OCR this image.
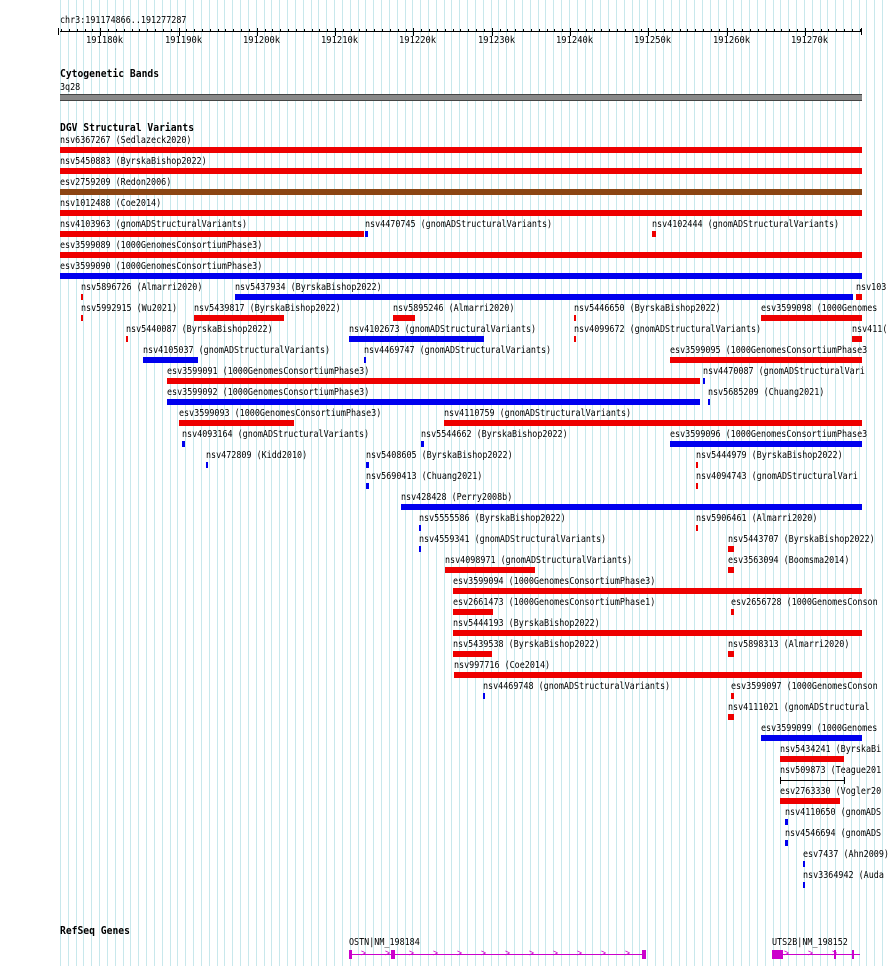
chr3:191174866..191277287
191180k	191190k	191200k	191210k	191220k	191230k	191240k	191250k	191260k	191270k
Cytogenetic Bands
3q28
DGV Structural Variants
nsv6367267 (Sedlazeck2020)
nsv5450883 (ByrskaBishop2022)
esv2759209 (Redon2006)
nsv1012488 (Coe2014)
nsv4103963 (gnomADStructuralVariants)	nsv4470745 (gnomADStructuralVariants)	nsv4102444 (gnomADStructuralVariants)
esv3599089 (1000GenomesConsortiumPhase3)
esv3599090 (1000GenomesConsortiumPhase3)
nsv5896726 (Almarri2020)	nsv5437934 (ByrskaBishop2022)	nsv103
nsv5992915 (Wu2021) nsv5439817 (ByrskaBishop2022)	nsv5895246 (Almarri2020)	nsv5446650 (ByrskaBishop2022)	esv3599098 (1000Genomes
nsv5440087 (ByrskaBishop2022)	nsv4102673 (gnomADStructuralVariants)	nsv4099672 (gnomADStructuralVariants)	nsv411(
nsv4105037 (gnomADStructuralVariants)	nsv4469747 (gnomADStructuralVariants)	esv3599095 (1000GenomesConsortiumPhase3
esv3599091 (1000GenomesConsortiumPhase3)	nsv4470087 (gnomADStructuralVari
esv3599092 (1000GenomesConsortiumPhase3)	nsv5685209 (Chuang2021)
esv3599093 (1000GenomesConsortiumPhase3)	nsv4110759 (gnomADStructuralVariants)
nsv4093164 (gnomADStructuralVariants)	nsv5544662 (ByrskaBishop2022)	esv3599096 (1000GenomesConsortiumPhase3
nsv472809 (Kidd2010)	nsv5408605 (ByrskaBishop2022)	nsv5444979 (ByrskaBishop2022)
nsv5690413 (Chuang2021)	nsv4094743 (gnomADStructuralVari
nsv428428 (Perry2008b)
nsv5555586 (ByrskaBishop2022)	nsv5906461 (Almarri2020)
nsv4559341 (gnomADStructuralVariants)	nsv5443707 (ByrskaBishop2022)
nsv4098971 (gnomADStructuralVariants)	esv3563094 (Boomsma2014)
esv3599094 (1000GenomesConsortiumPhase3)
esv2661473 (1000GenomesConsortiumPhase1)	esv2656728 (1000GenomesConson
nsv5444193 (ByrskaBishop2022)
nsv5439538 (ByrskaBishop2022)	nsv5898313 (Almarri2020)
nsv997716 (Coe2014)
nsv4469748 (gnomADStructuralVariants)	esv3599097 (1000GenomesConson
nsv4111021 (gnomADStructural
esv3599099 (1000Genomes
nsv5434241 (ByrskaBi
nsv509873 (Teague201
esv2763330 (Vogler20
nsv4110650 (gnomADS
nsv4546694 (gnomADS
esv7437 (Ahn2009)
nsv3364942 (Auda
RefSeq Genes
OSTN|NM_198184
> > > > > > > > > > > >
UTS2B|NM_198152
> > >
